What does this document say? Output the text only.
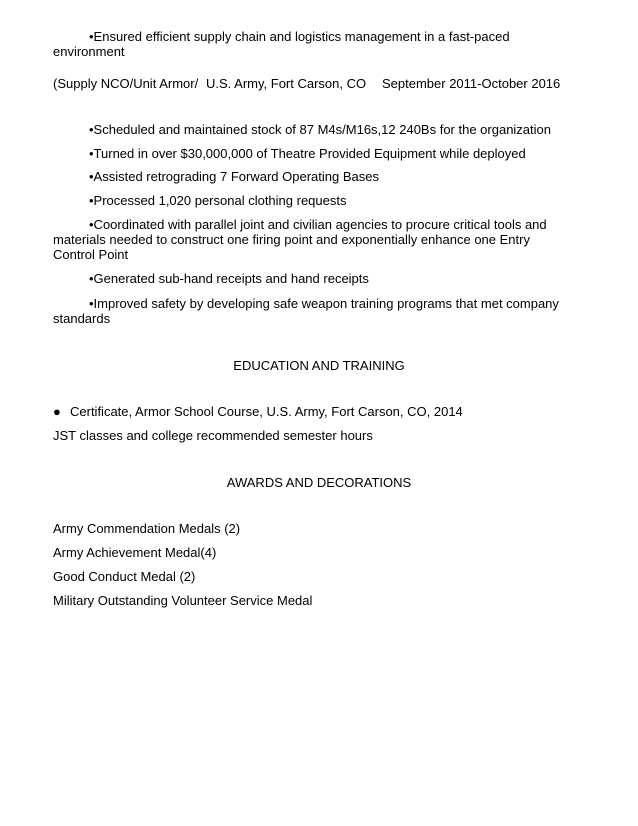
•Ensured efficient supply chain and logistics management in a fast-paced environment
(Supply NCO/Unit Armor/ U.S. Army, Fort Carson, CO September 2011-October 2016
•Scheduled and maintained stock of 87 M4s/M16s,12 240Bs for the organization
•Turned in over $30,000,000 of Theatre Provided Equipment while deployed
•Assisted retrograding 7 Forward Operating Bases
•Processed 1,020 personal clothing requests
•Coordinated with parallel joint and civilian agencies to procure critical tools and materials needed to construct one firing point and exponentially enhance one Entry Control Point
•Generated sub-hand receipts and hand receipts
•Improved safety by developing safe weapon training programs that met company standards
EDUCATION AND TRAINING
● Certificate, Armor School Course, U.S. Army, Fort Carson, CO, 2014
JST classes and college recommended semester hours
AWARDS AND DECORATIONS
Army Commendation Medals (2)
Army Achievement Medal(4)
Good Conduct Medal (2)
Military Outstanding Volunteer Service Medal
